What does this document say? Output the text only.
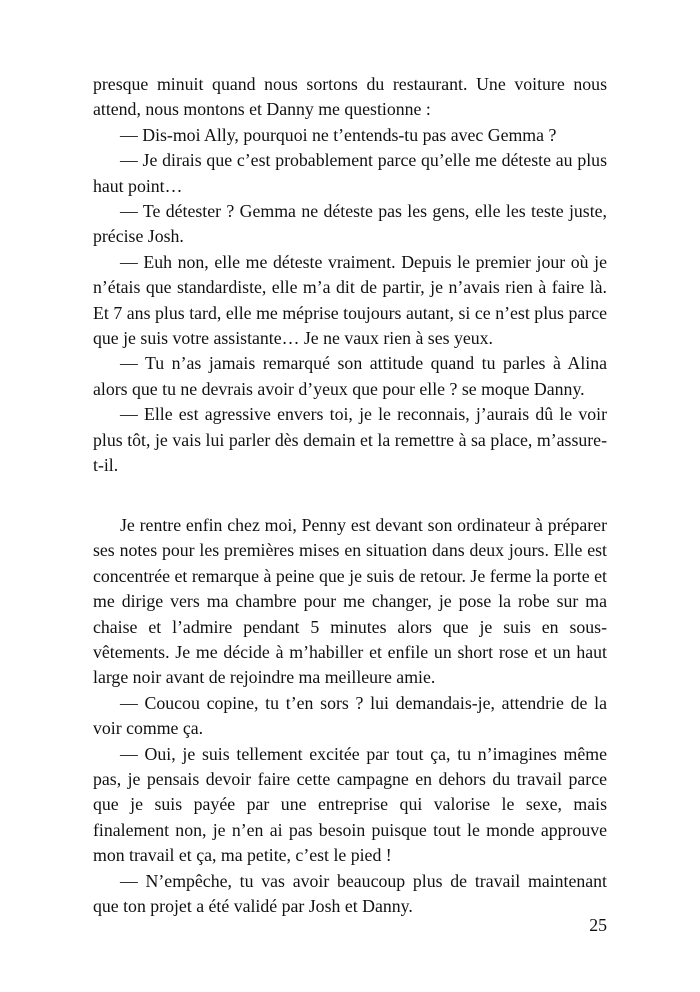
presque minuit quand nous sortons du restaurant. Une voiture nous attend, nous montons et Danny me questionne :

— Dis-moi Ally, pourquoi ne t’entends-tu pas avec Gemma ?

— Je dirais que c’est probablement parce qu’elle me déteste au plus haut point…

— Te détester ? Gemma ne déteste pas les gens, elle les teste juste, précise Josh.

— Euh non, elle me déteste vraiment. Depuis le premier jour où je n’étais que standardiste, elle m’a dit de partir, je n’avais rien à faire là. Et 7 ans plus tard, elle me méprise toujours autant, si ce n’est plus parce que je suis votre assistante… Je ne vaux rien à ses yeux.

— Tu n’as jamais remarqué son attitude quand tu parles à Alina alors que tu ne devrais avoir d’yeux que pour elle ? se moque Danny.

— Elle est agressive envers toi, je le reconnais, j’aurais dû le voir plus tôt, je vais lui parler dès demain et la remettre à sa place, m’assure-t-il.

Je rentre enfin chez moi, Penny est devant son ordinateur à préparer ses notes pour les premières mises en situation dans deux jours. Elle est concentrée et remarque à peine que je suis de retour. Je ferme la porte et me dirige vers ma chambre pour me changer, je pose la robe sur ma chaise et l’admire pendant 5 minutes alors que je suis en sous-vêtements. Je me décide à m’habiller et enfile un short rose et un haut large noir avant de rejoindre ma meilleure amie.

— Coucou copine, tu t’en sors ? lui demandais-je, attendrie de la voir comme ça.

— Oui, je suis tellement excitée par tout ça, tu n’imagines même pas, je pensais devoir faire cette campagne en dehors du travail parce que je suis payée par une entreprise qui valorise le sexe, mais finalement non, je n’en ai pas besoin puisque tout le monde approuve mon travail et ça, ma petite, c’est le pied !

— N’empêche, tu vas avoir beaucoup plus de travail maintenant que ton projet a été validé par Josh et Danny.

25
